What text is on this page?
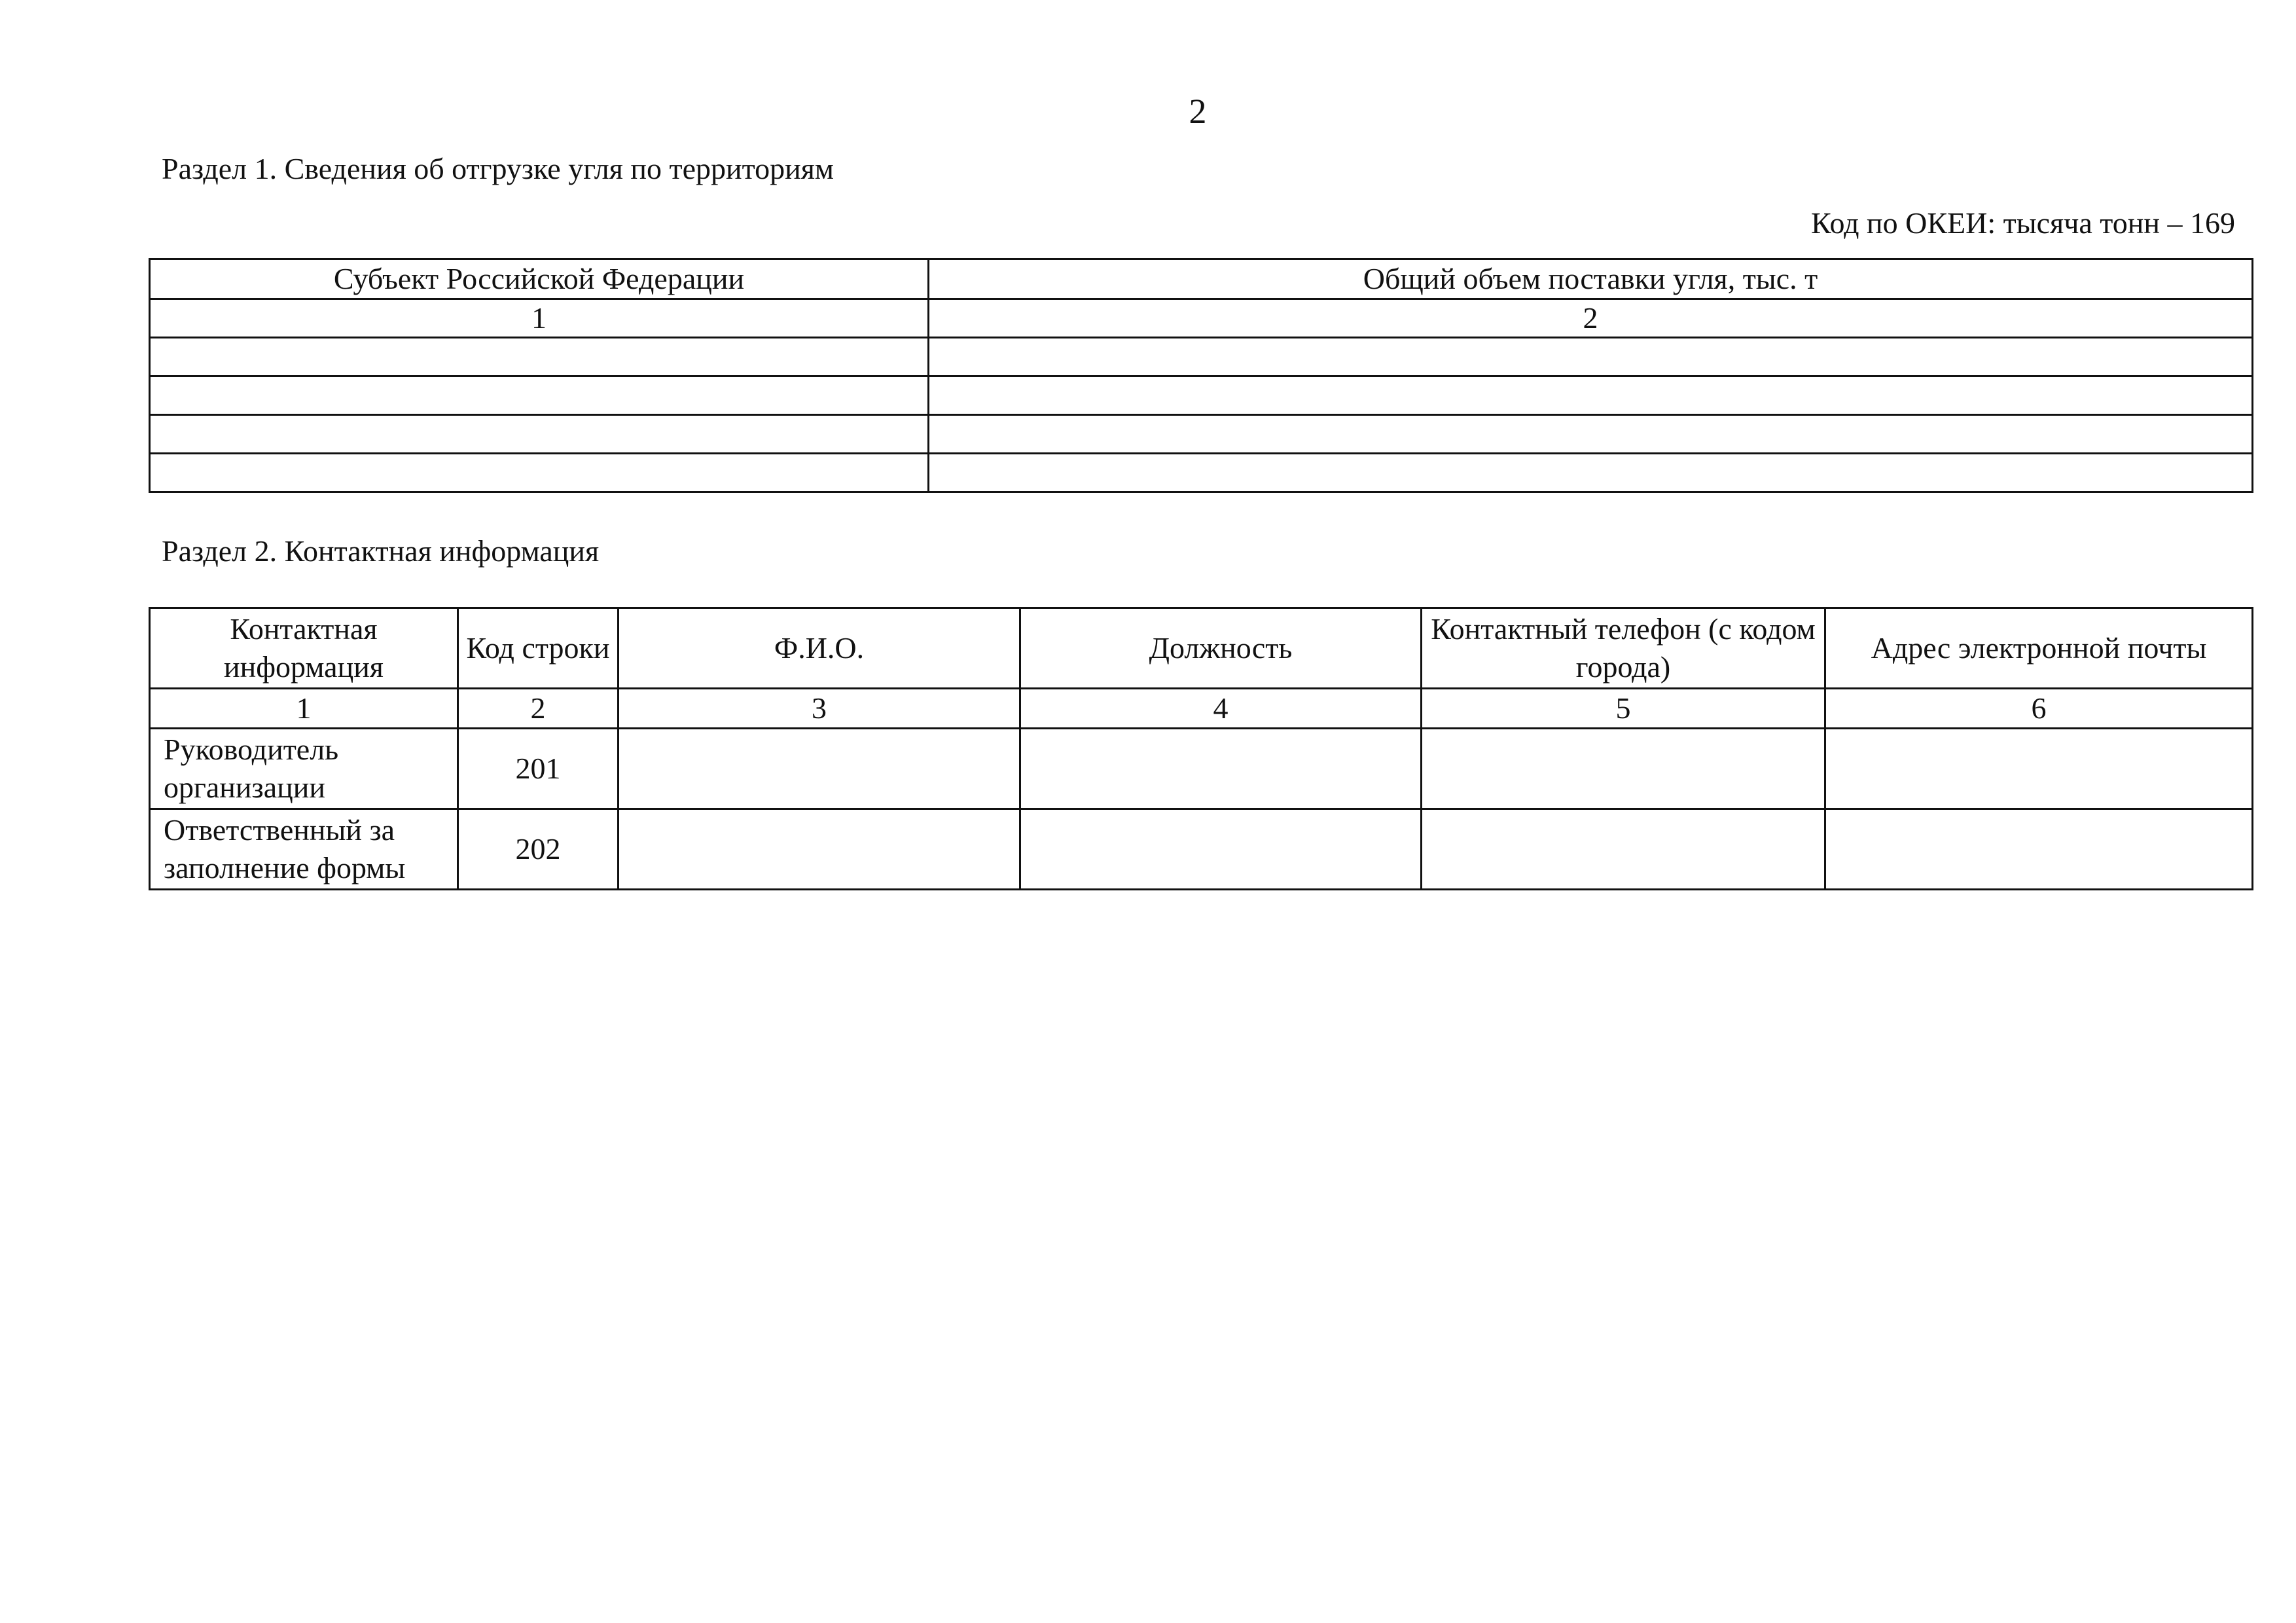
2
Раздел 1. Сведения об отгрузке угля по территориям
Код по ОКЕИ: тысяча тонн – 169
Субъект Российской Федерации	Общий объем поставки угля, тыс. т
1	2

Раздел 2. Контактная информация
Контактная информация	Код строки	Ф.И.О.	Должность	Контактный телефон (с кодом города)	Адрес электронной почты
1	2	3	4	5	6
Руководитель организации	201				
Ответственный за заполнение формы	202				
